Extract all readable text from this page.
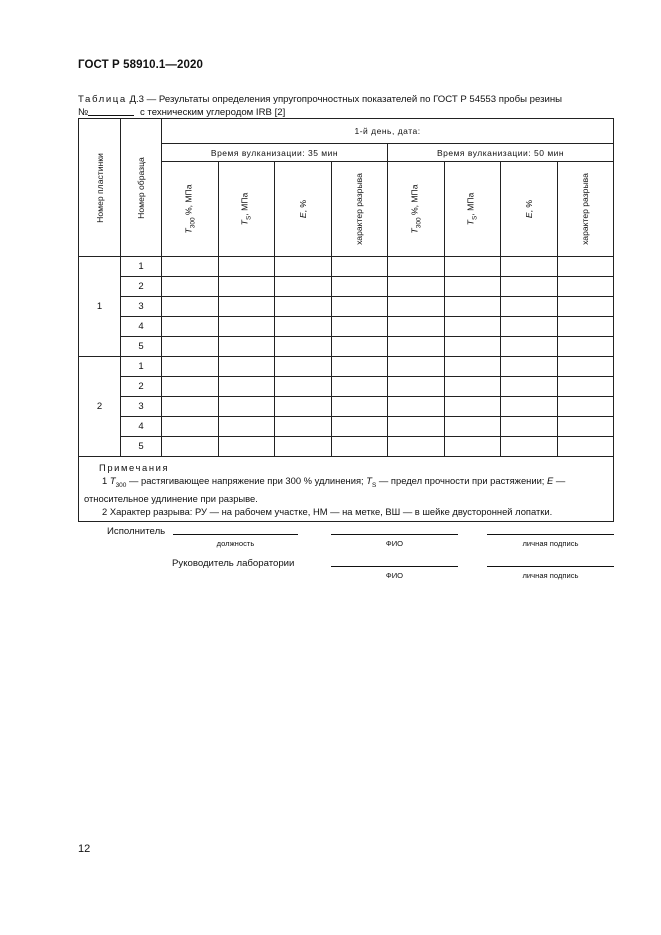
ГОСТ Р 58910.1—2020
Таблица Д.3 — Результаты определения упругопрочностных показателей по ГОСТ Р 54553 пробы резины
№	с техническим углеродом IRB [2]
Номер пластинки	Номер образца	1-й день, дата:							
		Время вулканизации: 35 мин				Время вулканизации: 50 мин			

		$T_{300}$ %, МПа	$T_S$, МПа	E, %	характер разрыва	$T_{300}$ %, МПа	$T_S$, МПа	E, %	характер разрыва

1	1								
	2								
	3								
	4								
	5								
2	1								
	2								
	3								
	4								
	5								

Примечания
1 $T_{300}$ — растягивающее напряжение при 300 % удлинения; $T_S$ — предел прочности при растяжении; E —
относительное удлинение при разрыве.
2 Характер разрыва: РУ — на рабочем участке, НМ — на метке, ВШ — в шейке двусторонней лопатки.									
Исполнитель
должность	ФИО	личная подпись
Руководитель лаборатории
ФИО	личная подпись
12
